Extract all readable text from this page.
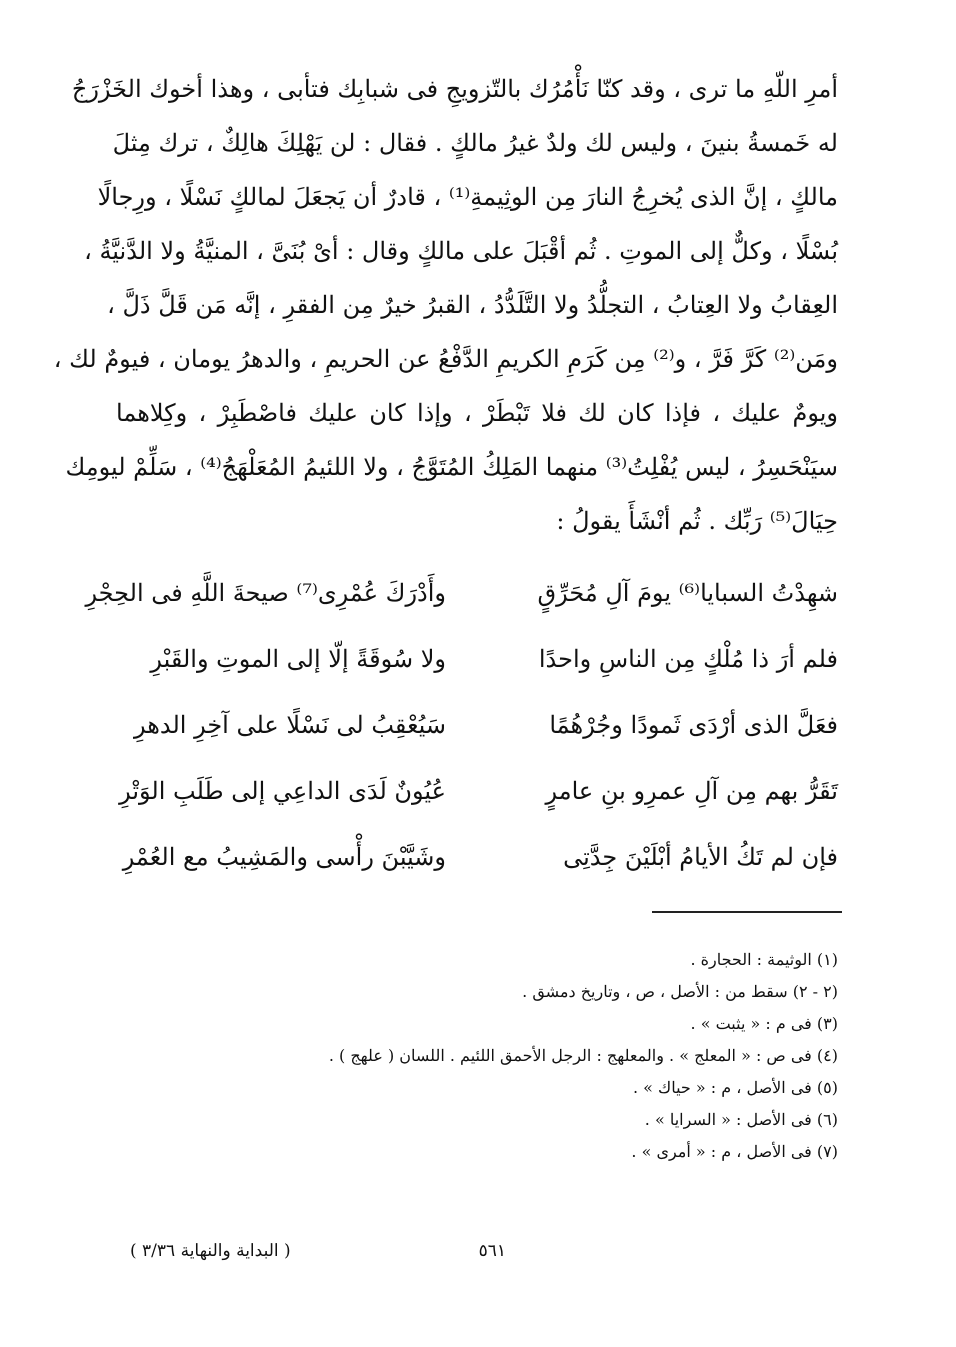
أمرِ اللّهِ ما ترى ، وقد كنّا نَأْمُرُك بالتّزويجِ فى شبابِك فتأبى ، وهذا أخوك الخَزْرَجُ
له خَمسةُ بنينَ ، وليس لك ولدٌ غيرُ مالكٍ . فقال : لن يَهْلِكَ هالِكٌ ، ترك مِثلَ
مالكٍ ، إنَّ الذى يُخرِجُ النارَ مِن الوثِيمةِ⁽¹⁾ ، قادرٌ أن يَجعَلَ لمالكٍ نَسْلًا ، ورِجالًا
بُسْلًا ، وكلٌّ إلى الموتِ . ثُم أقْبَلَ على مالكٍ وقال : أىْ بُنَىَّ ، المنيَّةُ ولا الدَّنيَّةُ ،
العِقابُ ولا العِتابُ ، التجلُّدُ ولا التَّلَدُّدُ ، القبرُ خيرٌ مِن الفقرِ ، إنَّه مَن قَلَّ ذَلَّ ،
ومَن⁽²⁾ كَرَّ فَرَّ ، و⁽²⁾ مِن كَرَمِ الكريمِ الدَّفْعُ عن الحريمِ ، والدهرُ يومان ، فيومٌ لك ،
ويومٌ عليك ، فإذا كان لك فلا تَبْطَرْ ، وإذا كان عليك فاصْطَبِرْ ، وكِلاهما
سيَنْحَسِرُ ، ليس يُفْلِتُ⁽³⁾ منهما المَلِكُ المُتَوَّجُ ، ولا اللئيمُ المُعَلْهَجُ⁽⁴⁾ ، سَلِّمْ ليومِك
حِيَالَ⁽⁵⁾ رَبِّك . ثُم أنْشَأَ يقولُ :
شهِدْتُ السبايا⁽⁶⁾ يومَ آلِ مُحَرِّقٍ
وأَدْرَكَ عُمْرِى⁽⁷⁾ صيحةَ اللَّهِ فى الحِجْرِ
فلم أرَ ذا مُلْكٍ مِن الناسِ واحدًا
ولا سُوقَةً إلّا إلى الموتِ والقَبْرِ
فعَلَّ الذى أرْدَى ثَمودًا وجُرْهُمًا
سَيُعْقِبُ لى نَسْلًا على آخِرِ الدهرِ
تَقَرُّ بهم مِن آلِ عمرِو بنِ عامرٍ
عُيُونٌ لَدَى الداعِي إلى طَلَبِ الوَتْرِ
فإن لم تَكُ الأيامُ أبْلَيْنَ جِدَّتِى
وشَيَّبْنَ رأْسى والمَشِيبُ مع العُمْرِ
(١) الوثيمة : الحجارة .
(٢ - ٢) سقط من : الأصل ، ص ، وتاريخ دمشق .
(٣) فى م : « يثبت » .
(٤) فى ص : « المعلج » . والمعلهج : الرجل الأحمق اللئيم . اللسان ( علهج ) .
(٥) فى الأصل ، م : « حياك » .
(٦) فى الأصل : « السرايا » .
(٧) فى الأصل ، م : « أمرى » .
٥٦١
( البداية والنهاية ٣/٣٦ )
